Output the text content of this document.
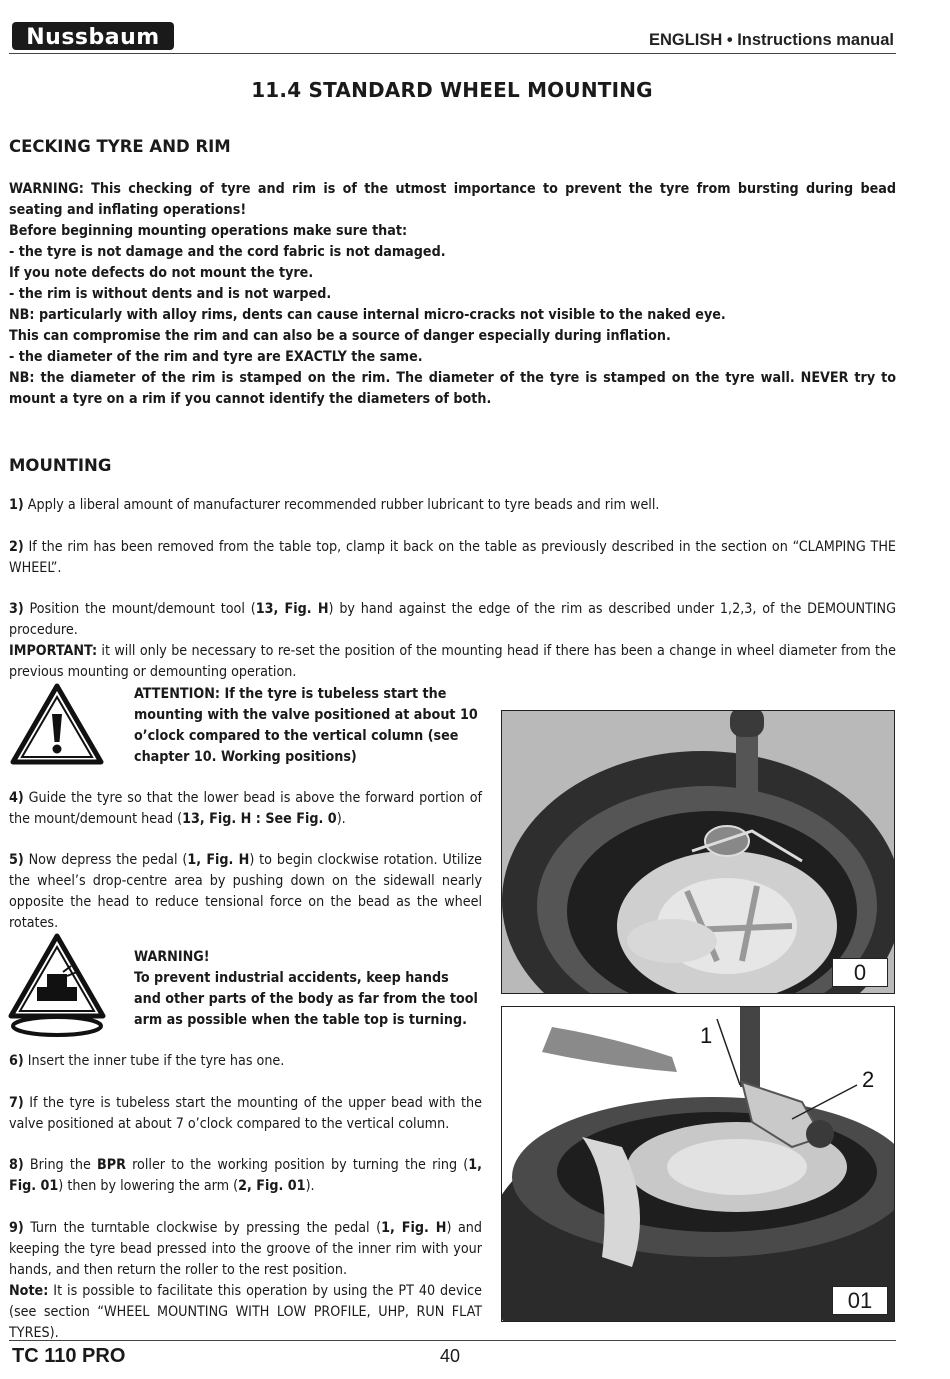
Nussbaum	ENGLISH • Instructions manual
11.4 STANDARD WHEEL MOUNTING
CECKING TYRE AND RIM
WARNING: This checking of tyre and rim is of the utmost importance to prevent the tyre from bursting during bead seating and inflating operations!
Before beginning mounting operations make sure that:
- the tyre is not damage and the cord fabric is not damaged.
If you note defects do not mount the tyre.
- the rim is without dents and is not warped.
NB: particularly with alloy rims, dents can cause internal micro-cracks not visible to the naked eye.
This can compromise the rim and can also be a source of danger especially during inflation.
- the diameter of the rim and tyre are EXACTLY the same.
NB: the diameter of the rim is stamped on the rim. The diameter of the tyre is stamped on the tyre wall. NEVER try to mount a tyre on a rim if you cannot identify the diameters of both.
MOUNTING
1) Apply a liberal amount of manufacturer recommended rubber lubricant to tyre beads and rim well.
2) If the rim has been removed from the table top, clamp it back on the table as previously described in the section on “CLAMPING THE WHEEL”.
3) Position the mount/demount tool (13, Fig. H) by hand against the edge of the rim as described under 1,2,3, of the DEMOUNTING procedure.
IMPORTANT: it will only be necessary to re-set the position of the mounting head if there has been a change in wheel diameter from the previous mounting or demounting operation.
ATTENTION: If the tyre is tubeless start the
mounting with the valve positioned at about 10
o’clock compared to the vertical column (see
chapter 10. Working positions)
4) Guide the tyre so that the lower bead is above the forward portion of the mount/demount head (13, Fig. H : See Fig. 0).
5) Now depress the pedal (1, Fig. H) to begin clockwise rotation. Utilize the wheel’s drop-centre area by pushing down on the sidewall nearly opposite the head to reduce tensional force on the bead as the wheel rotates.
WARNING!
To prevent industrial accidents, keep hands
and other parts of the body as far from the tool
arm as possible when the table top is turning.
6) Insert the inner tube if the tyre has one.
7) If the tyre is tubeless start the mounting of the upper bead with the valve positioned at about 7 o’clock compared to the vertical column.
8) Bring the BPR roller to the working position by turning the ring (1, Fig. 01) then by lowering the arm (2, Fig. 01).
9) Turn the turntable clockwise by pressing the pedal (1, Fig. H) and keeping the tyre bead pressed into the groove of the inner rim with your hands, and then return the roller to the rest position.
Note: It is possible to facilitate this operation by using the PT 40 device (see section “WHEEL MOUNTING WITH LOW PROFILE, UHP, RUN FLAT TYRES).
0
1
2
01
TC 110 PRO	40
